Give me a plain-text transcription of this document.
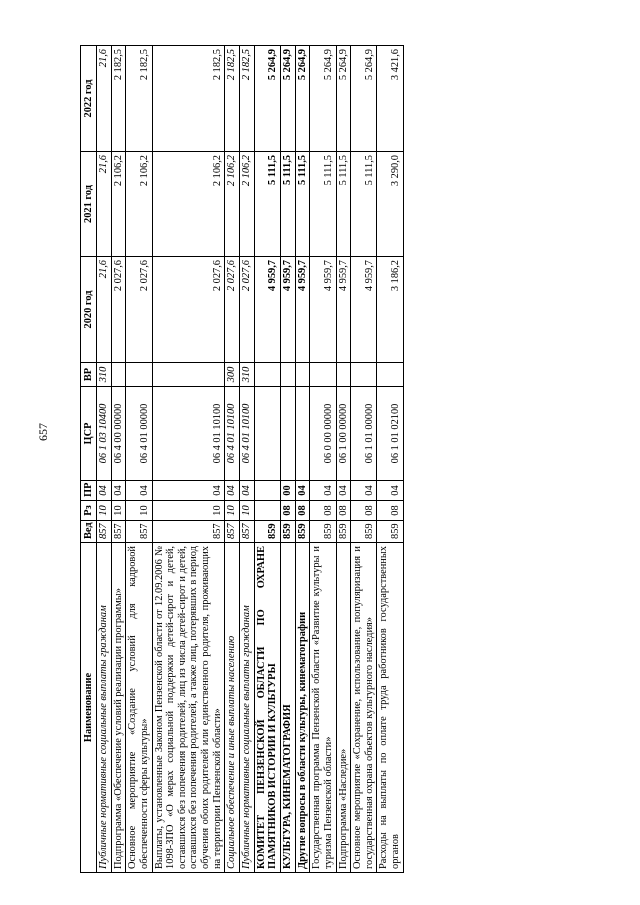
657
Наименование	Вед	Рз	ПР	ЦСР	ВР	2020 год	2021 год	2022 год
Публичные нормативные социальные выплаты гражданам	857	10	04	06 1 03 10400	310	21,6	21,6	21,6
Подпрограмма «Обеспечение условий реализации программы»	857	10	04	06 4 00 00000		2 027,6	2 106,2	2 182,5
Основное мероприятие «Создание условий для кадровой обеспеченности сферы культуры»	857	10	04	06 4 01 00000		2 027,6	2 106,2	2 182,5
Выплаты, установленные Законом Пензенской области от 12.09.2006 № 1098-ЗПО «О мерах социальной поддержки детей-сирот и детей, оставшихся без попечения родителей, лиц из числа детей-сирот и детей, оставшихся без попечения родителей, а также лиц, потерявших в период обучения обоих родителей или единственного родителя, проживающих на территории Пензенской области»	857	10	04	06 4 01 10100		2 027,6	2 106,2	2 182,5
Социальное обеспечение и иные выплаты населению	857	10	04	06 4 01 10100	300	2 027,6	2 106,2	2 182,5
Публичные нормативные социальные выплаты гражданам	857	10	04	06 4 01 10100	310	2 027,6	2 106,2	2 182,5
КОМИТЕТ ПЕНЗЕНСКОЙ ОБЛАСТИ ПО ОХРАНЕ ПАМЯТНИКОВ ИСТОРИИ И КУЛЬТУРЫ	859					4 959,7	5 111,5	5 264,9
КУЛЬТУРА, КИНЕМАТОГРАФИЯ	859	08	00			4 959,7	5 111,5	5 264,9
Другие вопросы в области культуры, кинематографии	859	08	04			4 959,7	5 111,5	5 264,9
Государственная программа Пензенской области «Развитие культуры и туризма Пензенской области»	859	08	04	06 0 00 00000		4 959,7	5 111,5	5 264,9
Подпрограмма «Наследие»	859	08	04	06 1 00 00000		4 959,7	5 111,5	5 264,9
Основное мероприятие «Сохранение, использование, популяризация и государственная охрана объектов культурного наследия»	859	08	04	06 1 01 00000		4 959,7	5 111,5	5 264,9
Расходы на выплаты по оплате труда работников государственных органов	859	08	04	06 1 01 02100		3 186,2	3 290,0	3 421,6
